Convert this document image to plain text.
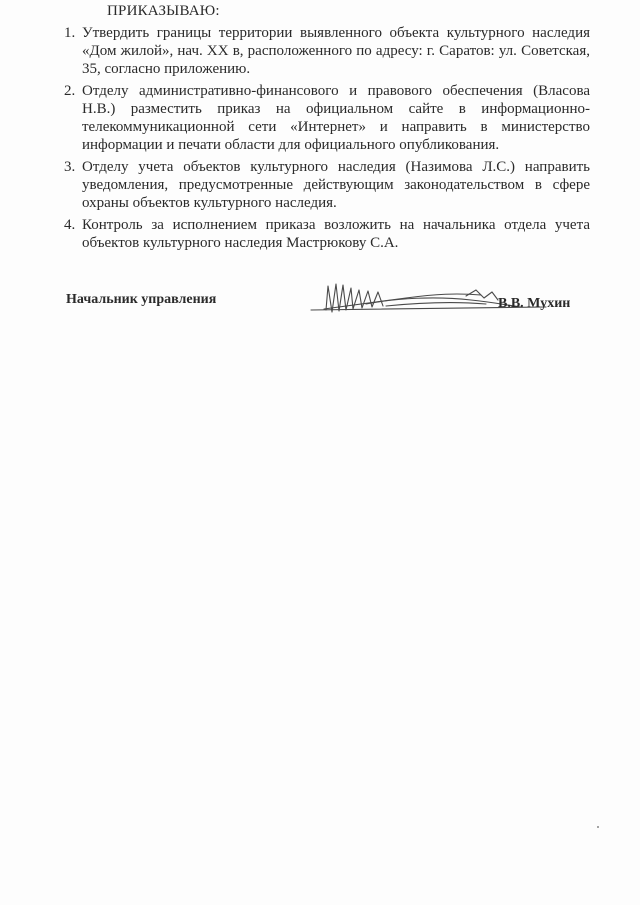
ПРИКАЗЫВАЮ:
1. Утвердить границы территории выявленного объекта культурного наследия «Дом жилой», нач. XX в, расположенного по адресу: г. Саратов: ул. Советская, 35, согласно приложению.
2. Отделу административно-финансового и правового обеспечения (Власова Н.В.) разместить приказ на официальном сайте в информационно-телекоммуникационной сети «Интернет» и направить в министерство информации и печати области для официального опубликования.
3. Отделу учета объектов культурного наследия (Назимова Л.С.) направить уведомления, предусмотренные действующим законодательством в сфере охраны объектов культурного наследия.
4. Контроль за исполнением приказа возложить на начальника отдела учета объектов культурного наследия Мастрюкову С.А.
Начальник управления	В.В. Мухин
